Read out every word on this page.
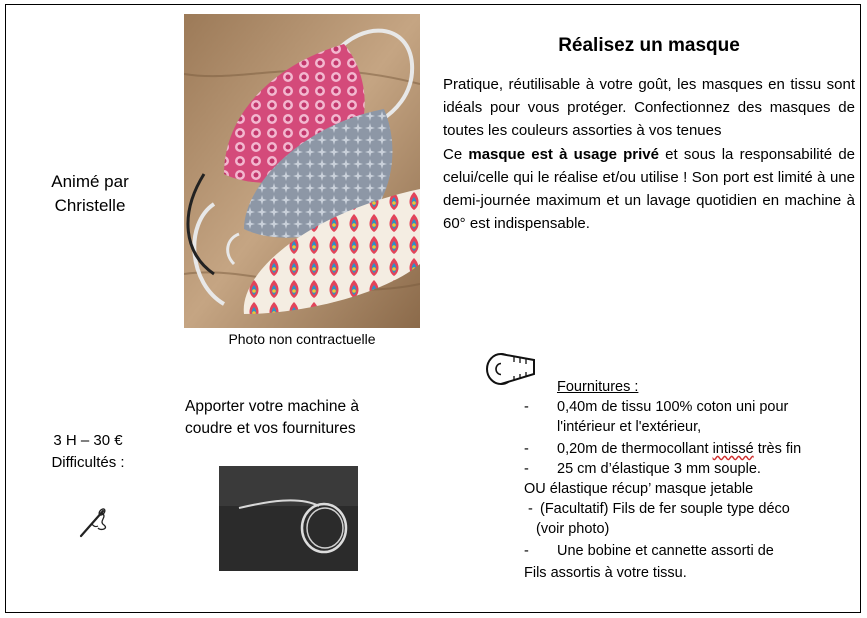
Animé par
Christelle
3 H – 30 €
Difficultés :
Photo non contractuelle
Apporter votre machine à
coudre et vos fournitures
Réalisez un masque
Pratique, réutilisable à votre goût, les masques en tissu sont idéals pour vous protéger. Confectionnez des masques de toutes les couleurs assorties à vos tenues
Ce masque est à usage privé et sous la responsabilité de celui/celle qui le réalise et/ou utilise ! Son port est limité à une demi-journée maximum et un lavage quotidien en machine à 60° est indispensable.
Fournitures :
-	0,40m de tissu 100% coton uni pour
l'intérieur et l'extérieur,
-	0,20m de thermocollant intissé très fin
-	25 cm d’élastique 3 mm souple.
OU élastique récup’ masque jetable
- (Facultatif) Fils de fer souple type déco
(voir photo)
-	Une bobine et cannette assorti de
Fils assortis à votre tissu.
